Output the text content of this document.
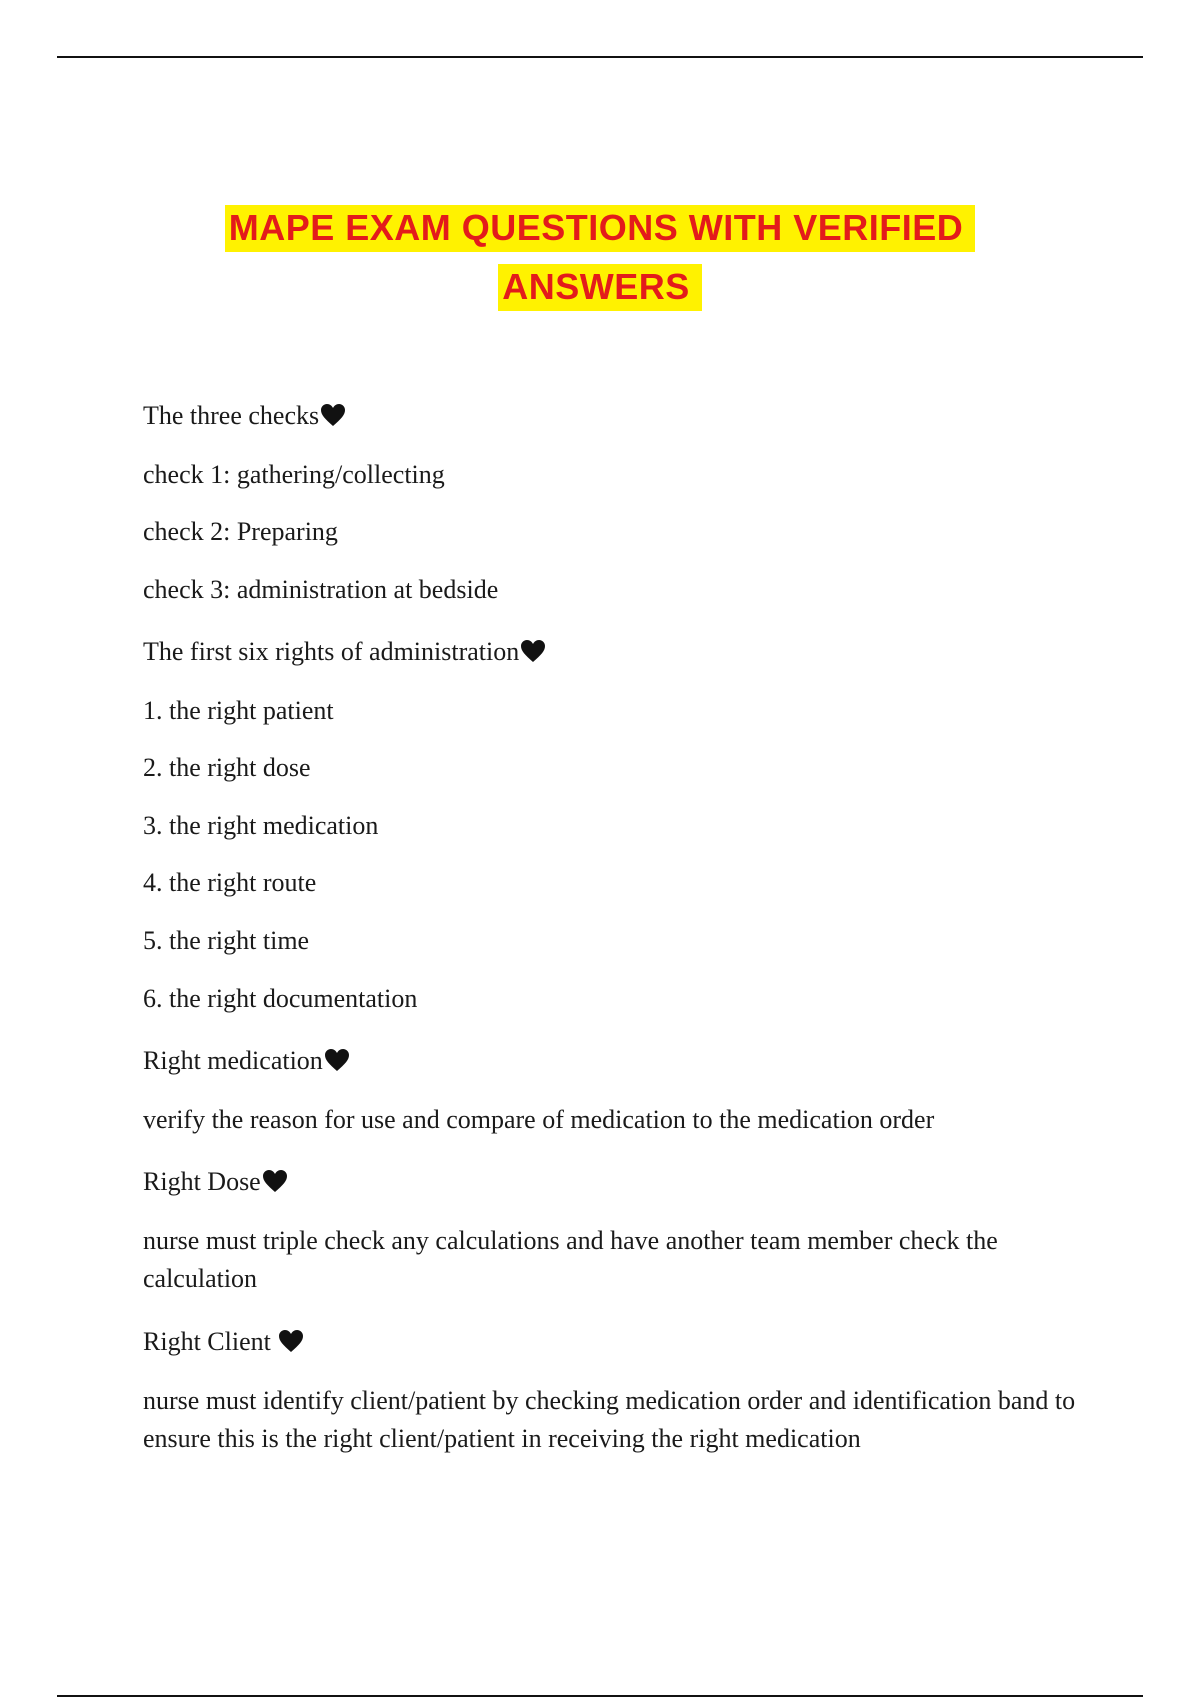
MAPE EXAM QUESTIONS WITH VERIFIED
ANSWERS
The three checks
check 1: gathering/collecting
check 2: Preparing
check 3: administration at bedside
The first six rights of administration
1. the right patient
2. the right dose
3. the right medication
4. the right route
5. the right time
6. the right documentation
Right medication
verify the reason for use and compare of medication to the medication order
Right Dose
nurse must triple check any calculations and have another team member check the calculation
Right Client
nurse must identify client/patient by checking medication order and identification band to ensure this is the right client/patient in receiving the right medication
